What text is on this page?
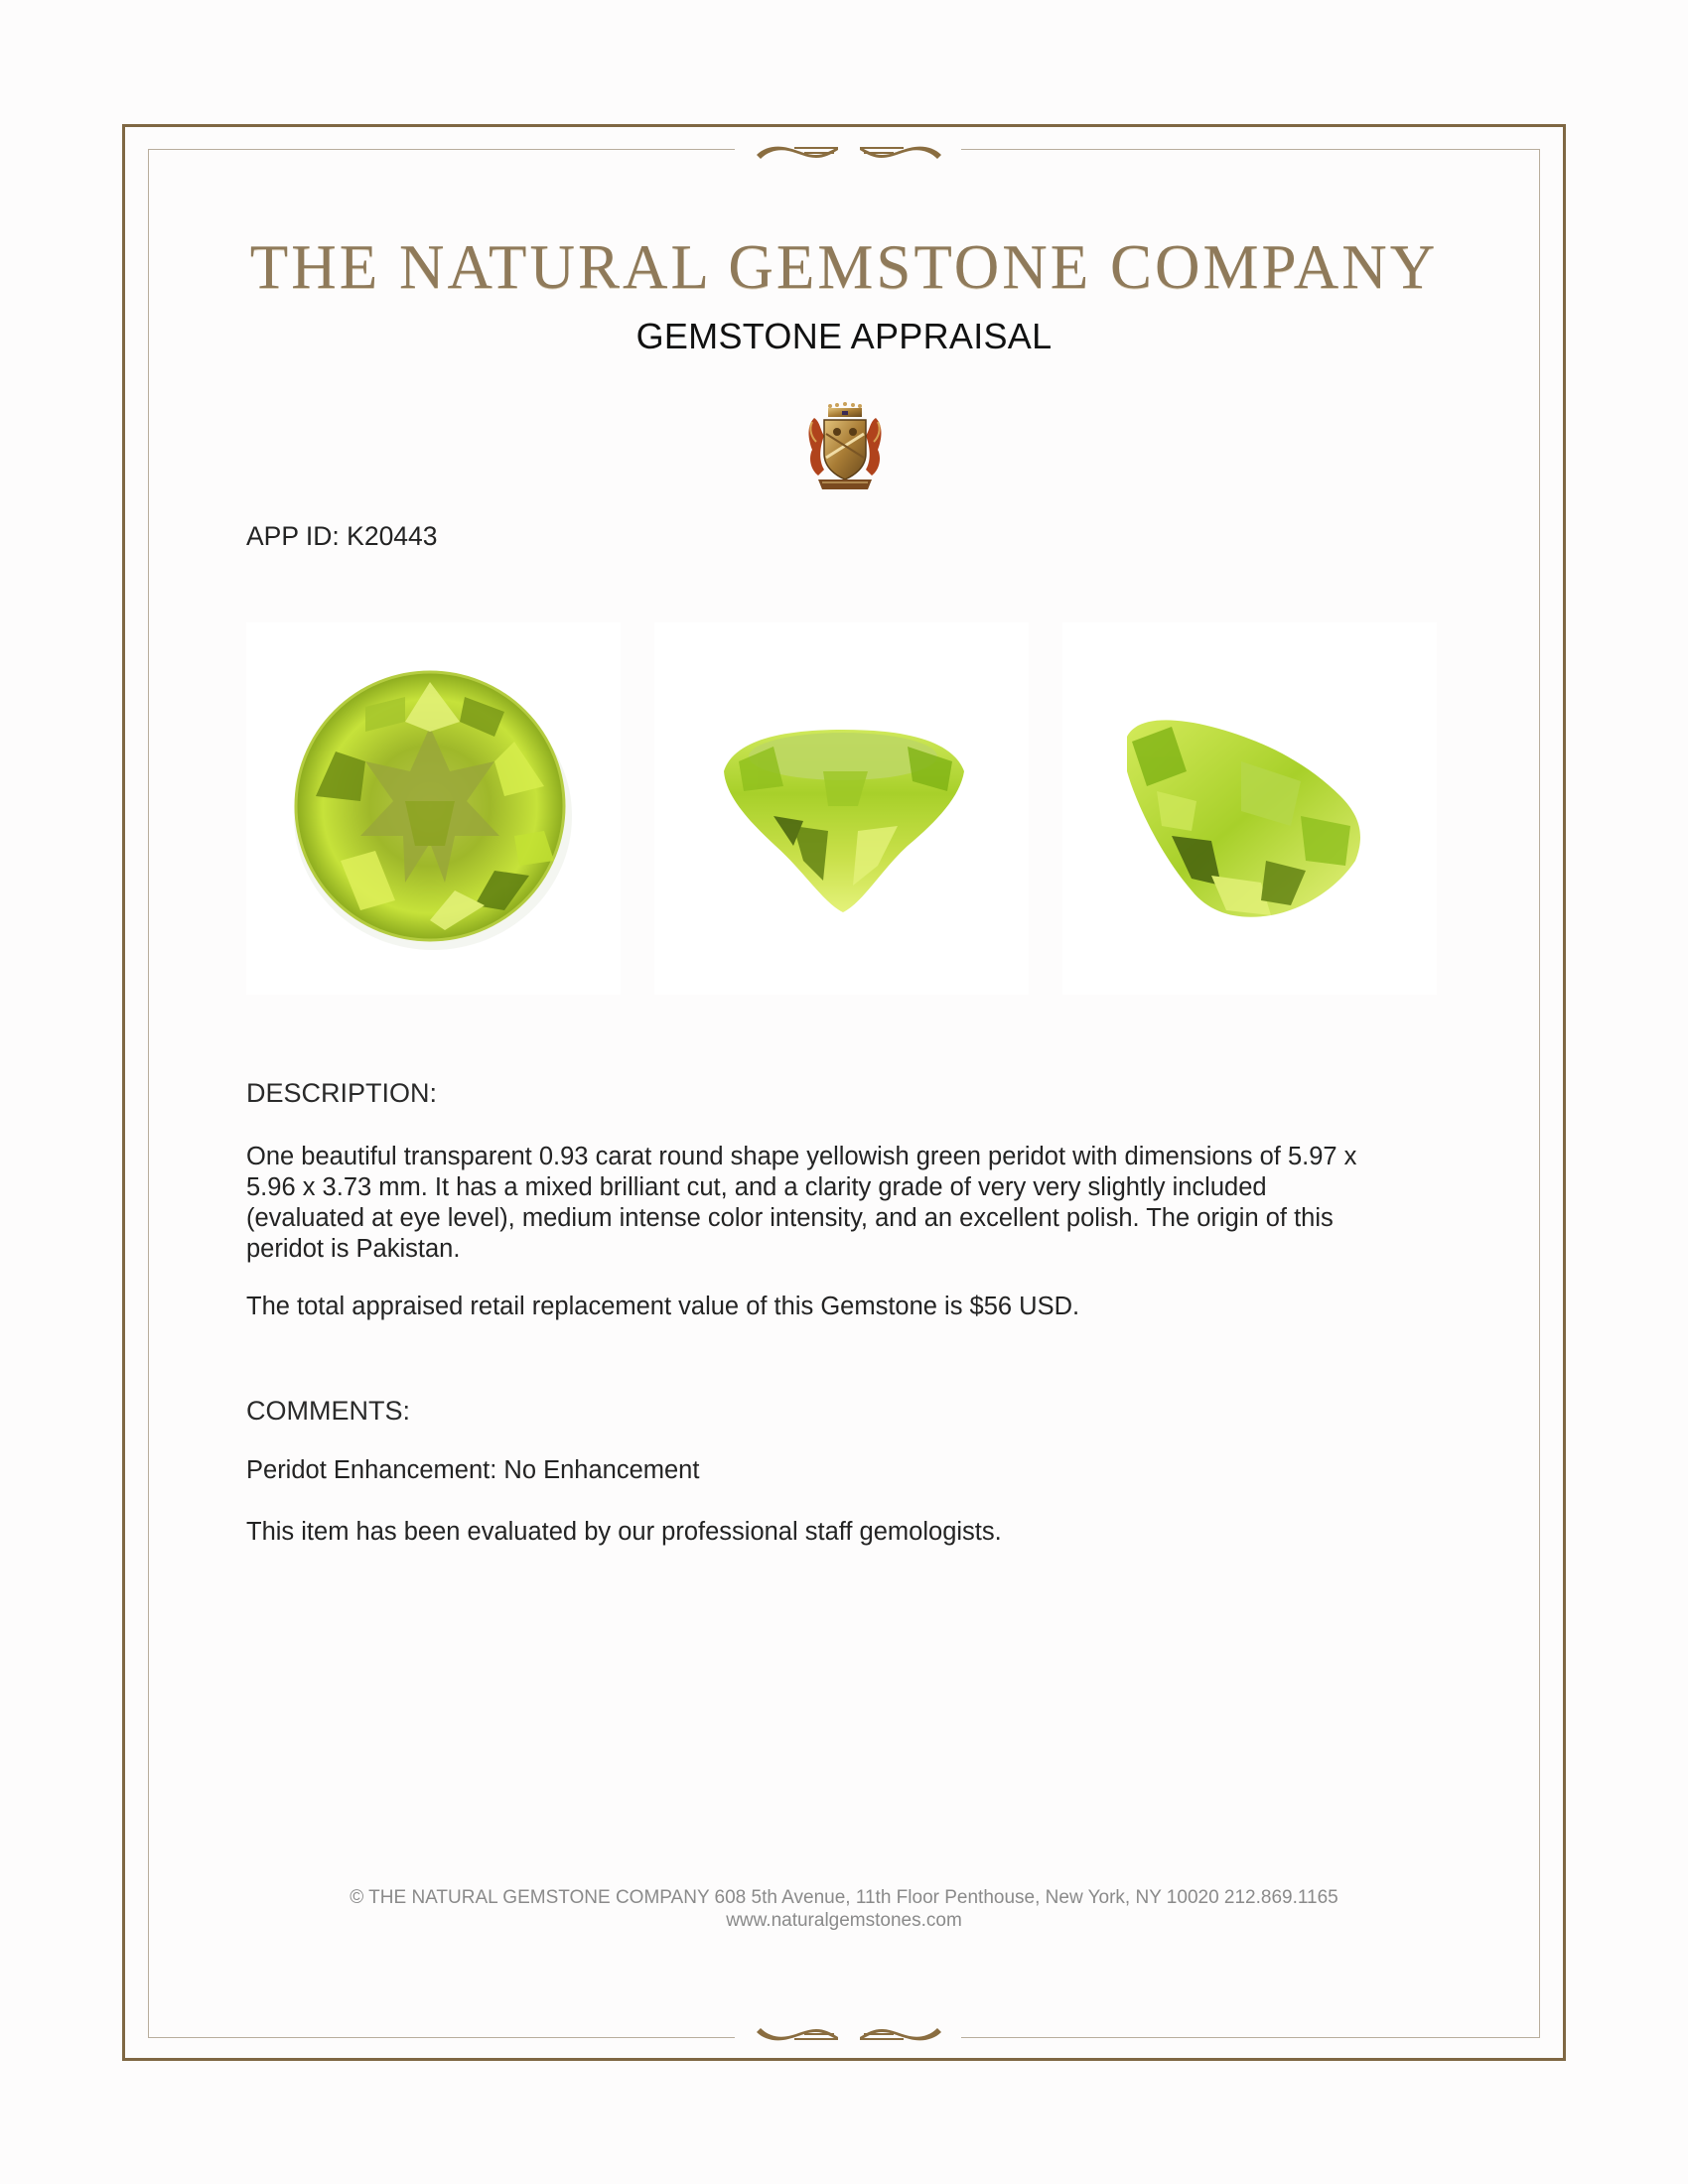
THE NATURAL GEMSTONE COMPANY
GEMSTONE APPRAISAL
APP ID: K20443
DESCRIPTION:
One beautiful transparent 0.93 carat round shape yellowish green peridot with dimensions of 5.97 x
5.96 x 3.73 mm. It has a mixed brilliant cut, and a clarity grade of very very slightly included
(evaluated at eye level), medium intense color intensity, and an excellent polish. The origin of this
peridot is Pakistan.
The total appraised retail replacement value of this Gemstone is $56 USD.
COMMENTS:
Peridot Enhancement: No Enhancement
This item has been evaluated by our professional staff gemologists.
© THE NATURAL GEMSTONE COMPANY 608 5th Avenue, 11th Floor Penthouse, New York, NY 10020 212.869.1165
www.naturalgemstones.com
